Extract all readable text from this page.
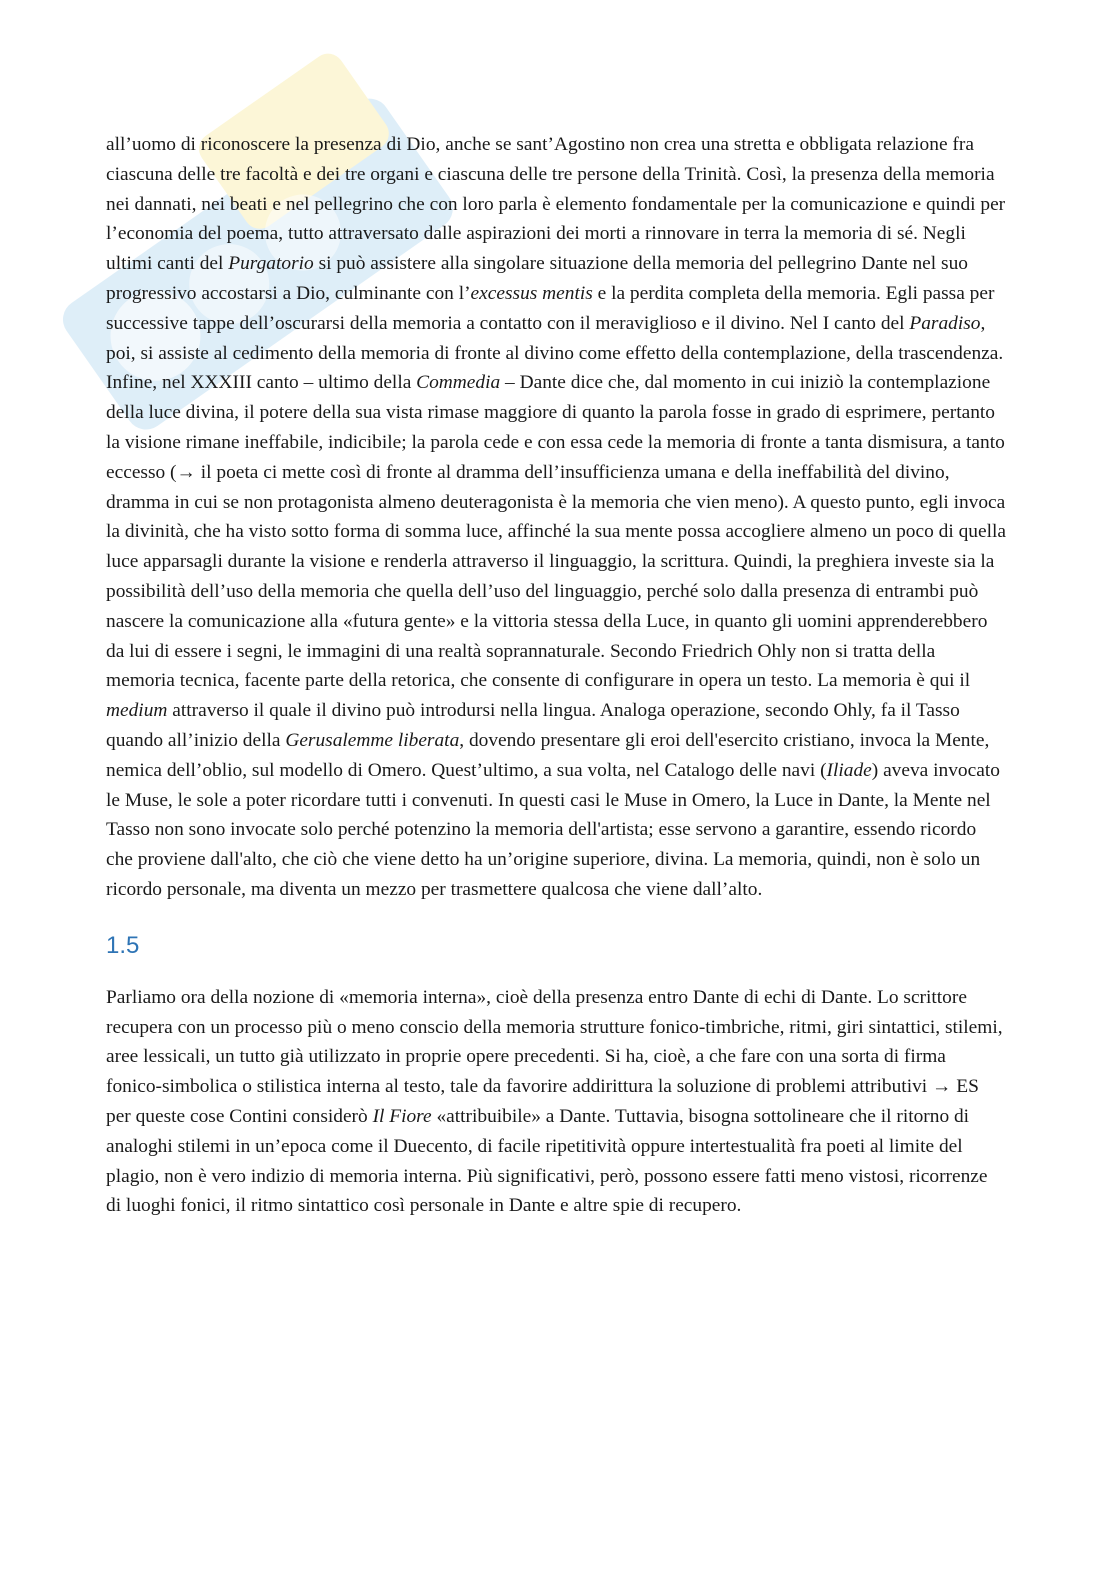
all’uomo di riconoscere la presenza di Dio, anche se sant’Agostino non crea una stretta e obbligata relazione fra ciascuna delle tre facoltà e dei tre organi e ciascuna delle tre persone della Trinità. Così, la presenza della memoria nei dannati, nei beati e nel pellegrino che con loro parla è elemento fondamentale per la comunicazione e quindi per l’economia del poema, tutto attraversato dalle aspirazioni dei morti a rinnovare in terra la memoria di sé. Negli ultimi canti del Purgatorio si può assistere alla singolare situazione della memoria del pellegrino Dante nel suo progressivo accostarsi a Dio, culminante con l’excessus mentis e la perdita completa della memoria. Egli passa per successive tappe dell’oscurarsi della memoria a contatto con il meraviglioso e il divino. Nel I canto del Paradiso, poi, si assiste al cedimento della memoria di fronte al divino come effetto della contemplazione, della trascendenza. Infine, nel XXXIII canto – ultimo della Commedia – Dante dice che, dal momento in cui iniziò la contemplazione della luce divina, il potere della sua vista rimase maggiore di quanto la parola fosse in grado di esprimere, pertanto la visione rimane ineffabile, indicibile; la parola cede e con essa cede la memoria di fronte a tanta dismisura, a tanto eccesso (→ il poeta ci mette così di fronte al dramma dell’insufficienza umana e della ineffabilità del divino, dramma in cui se non protagonista almeno deuteragonista è la memoria che vien meno). A questo punto, egli invoca la divinità, che ha visto sotto forma di somma luce, affinché la sua mente possa accogliere almeno un poco di quella luce apparsagli durante la visione e renderla attraverso il linguaggio, la scrittura. Quindi, la preghiera investe sia la possibilità dell’uso della memoria che quella dell’uso del linguaggio, perché solo dalla presenza di entrambi può nascere la comunicazione alla «futura gente» e la vittoria stessa della Luce, in quanto gli uomini apprenderebbero da lui di essere i segni, le immagini di una realtà soprannaturale. Secondo Friedrich Ohly non si tratta della memoria tecnica, facente parte della retorica, che consente di configurare in opera un testo. La memoria è qui il medium attraverso il quale il divino può introdursi nella lingua. Analoga operazione, secondo Ohly, fa il Tasso quando all’inizio della Gerusalemme liberata, dovendo presentare gli eroi dell'esercito cristiano, invoca la Mente, nemica dell’oblio, sul modello di Omero. Quest’ultimo, a sua volta, nel Catalogo delle navi (Iliade) aveva invocato le Muse, le sole a poter ricordare tutti i convenuti. In questi casi le Muse in Omero, la Luce in Dante, la Mente nel Tasso non sono invocate solo perché potenzino la memoria dell'artista; esse servono a garantire, essendo ricordo che proviene dall'alto, che ciò che viene detto ha un’origine superiore, divina. La memoria, quindi, non è solo un ricordo personale, ma diventa un mezzo per trasmettere qualcosa che viene dall’alto.

1.5

Parliamo ora della nozione di «memoria interna», cioè della presenza entro Dante di echi di Dante. Lo scrittore recupera con un processo più o meno conscio della memoria strutture fonico-timbriche, ritmi, giri sintattici, stilemi, aree lessicali, un tutto già utilizzato in proprie opere precedenti. Si ha, cioè, a che fare con una sorta di firma fonico-simbolica o stilistica interna al testo, tale da favorire addirittura la soluzione di problemi attributivi → ES per queste cose Contini considerò Il Fiore «attribuibile» a Dante. Tuttavia, bisogna sottolineare che il ritorno di analoghi stilemi in un’epoca come il Duecento, di facile ripetitività oppure intertestualità fra poeti al limite del plagio, non è vero indizio di memoria interna. Più significativi, però, possono essere fatti meno vistosi, ricorrenze di luoghi fonici, il ritmo sintattico così personale in Dante e altre spie di recupero.
